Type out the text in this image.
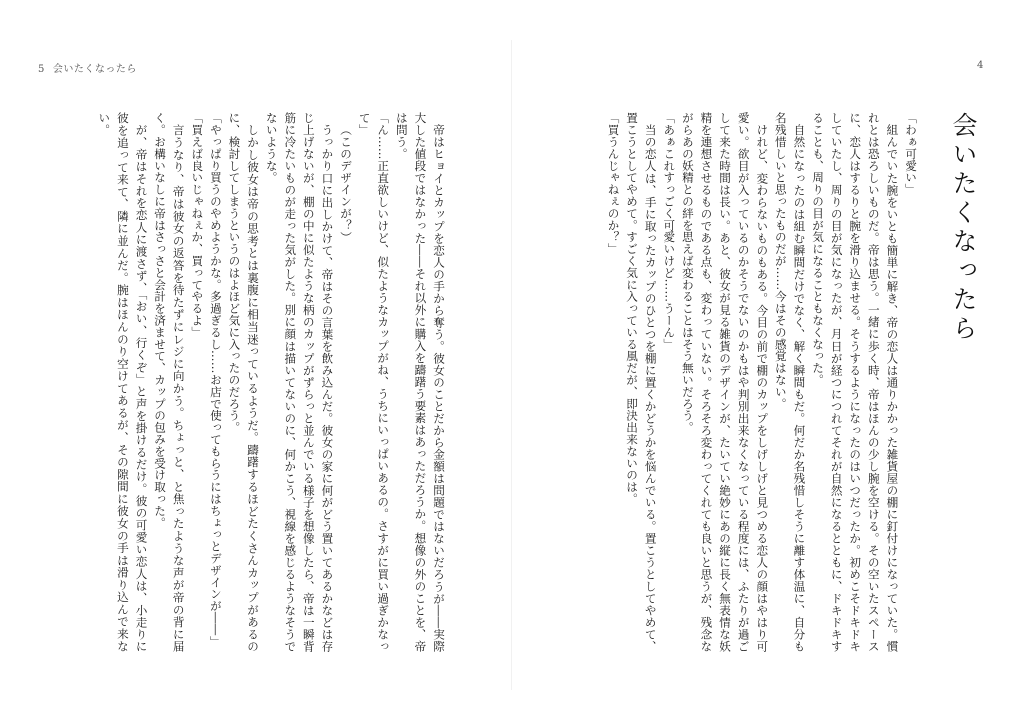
5 会いたくなったら	4
会いたくなったら

「わぁ可愛い」

組んでいた腕をいとも簡単に解き、帝の恋人は通りかかった雑貨屋の棚に釘付けになっていた。慣れとは恐ろしいものだ。帝は思う。一緒に歩く時、帝はほんの少し腕を空ける。その空いたスペースに、恋人はするりと腕を滑り込ませる。そうするようになったのはいつだったか。初めこそドキドキしていたし、周りの目が気になったが、月日が経つにつれてそれが自然になるとともに、ドキドキすることも、周りの目が気になることもなくなった。

自然になったのは組む瞬間だけでなく、解く瞬間もだ。何だか名残惜しそうに離す体温に、自分も名残惜しいと思ったものだが……今はその感覚はない。

けれど、変わらないものもある。今目の前で棚のカップをしげしげと見つめる恋人の顔はやはり可愛い。欲目が入っているのかそうでないのかもはや判別出来なくなっている程度には、ふたりが過ごして来た時間は長い。あと、彼女が見る雑貨のデザインが、たいてい絶妙にあの縦に長く無表情な妖精を連想させるものである点も、変わっていない。そろそろ変わってくれても良いと思うが、残念ながらあの妖精との絆を思えば変わることはそう無いだろう。

「あぁこれすっごく可愛いけど……うーん」

当の恋人は、手に取ったカップのひとつを棚に置くかどうかを悩んでいる。置こうとしてやめて、置こうとしてやめて。すごく気に入っている風だが、即決出来ないのは。

「買うんじゃねぇのか？」

帝はヒョイとカップを恋人の手から奪う。彼女のことだから金額は問題ではないだろうが――実際大した値段ではなかった――それ以外に購入を躊躇う要素はあっただろうか。想像の外のことを、帝は問う。

「ん……正直欲しいけど、似たようなカップがね、うちにいっぱいあるの。さすがに買い過ぎかなって」

（このデザインが？）

うっかり口に出しかけて、帝はその言葉を飲み込んだ。彼女の家に何がどう置いてあるかなどは存じ上げないが、棚の中に似たような柄のカップがずらっと並んでいる様子を想像したら、帝は一瞬背筋に冷たいものが走った気がした。別に顔は描いてないのに、何かこう、視線を感じるようなそうでないような。

しかし彼女は帝の思考とは裏腹に相当迷っているようだ。躊躇するほどたくさんカップがあるのに、検討してしまうというのはよほど気に入ったのだろう。

「やっぱり買うのやめようかな。多過ぎるし……お店で使ってもらうにはちょっとデザインが――」

「買えば良いじゃねぇか、買ってやるよ」

言うなり、帝は彼女の返答を待たずにレジに向かう。ちょっと、と焦ったような声が帝の背に届く。お構いなしに帝はさっさと会計を済ませて、カップの包みを受け取った。

が、帝はそれを恋人に渡さず、「おい、行くぞ」と声を掛けるだけ。彼の可愛い恋人は、小走りに彼を追って来て、隣に並んだ。腕はほんのり空けてあるが、その隙間に彼女の手は滑り込んで来ない。
